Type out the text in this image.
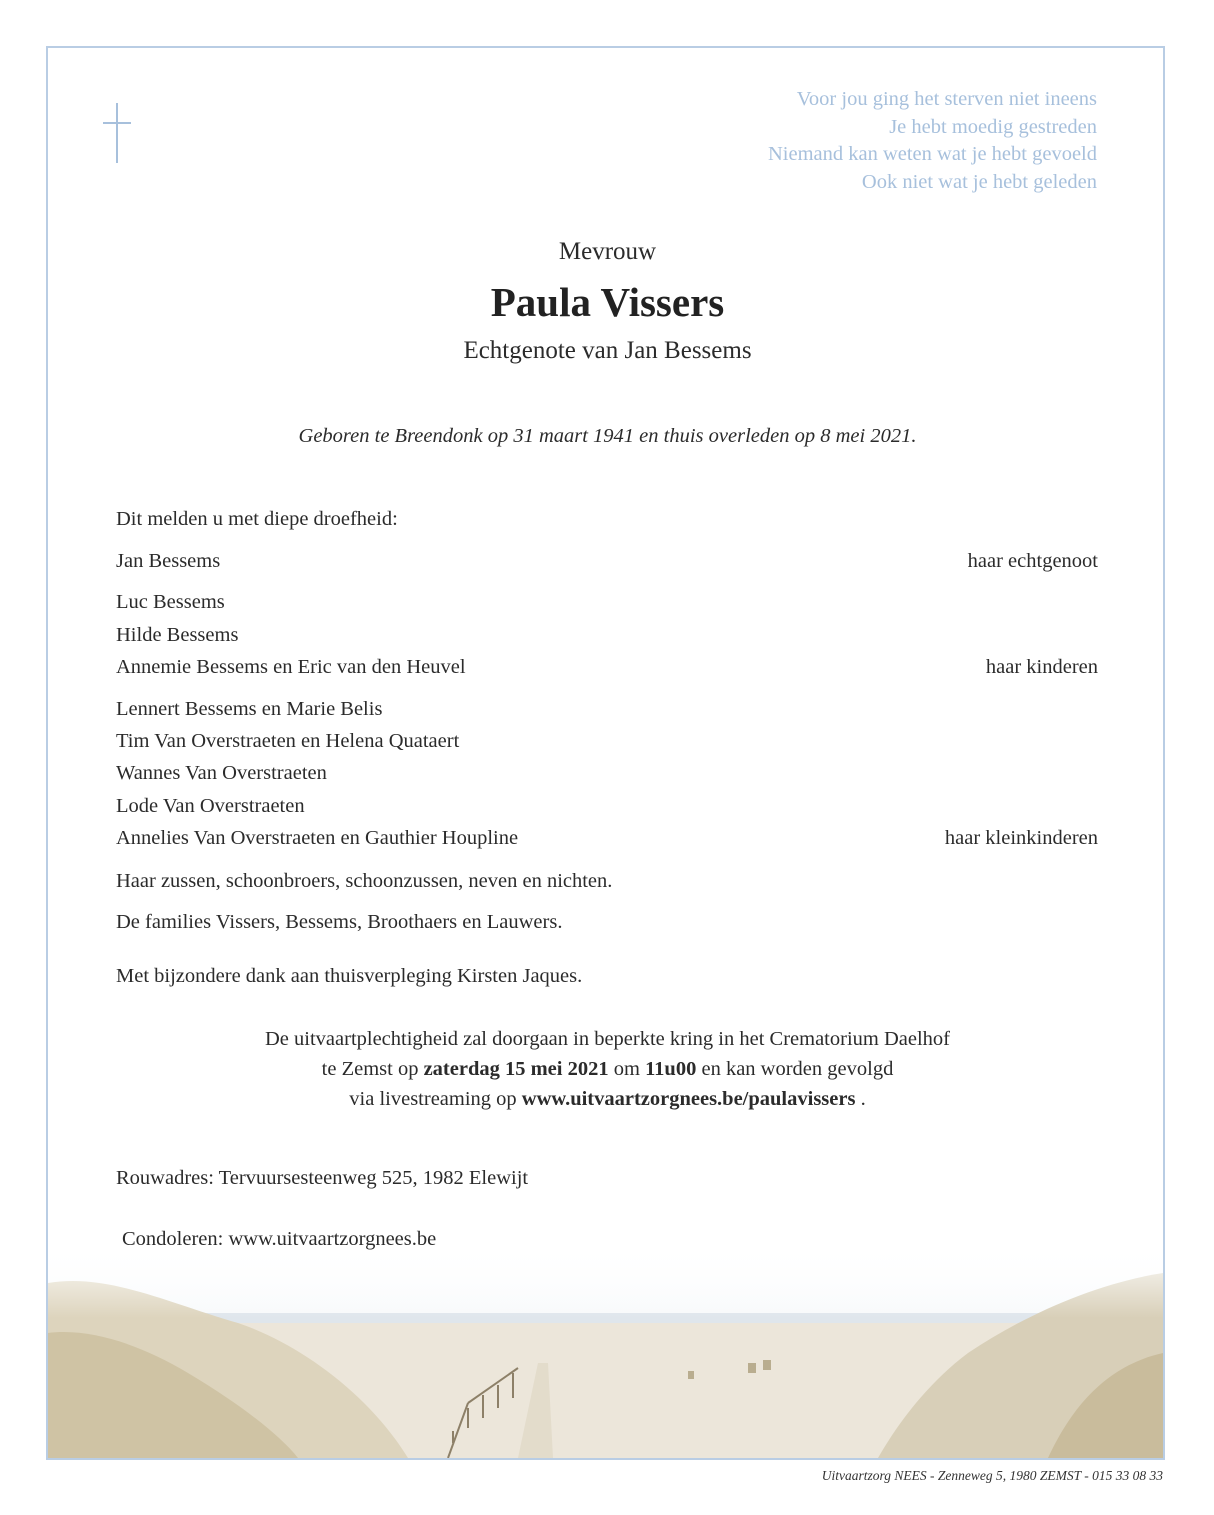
Voor jou ging het sterven niet ineens
Je hebt moedig gestreden
Niemand kan weten wat je hebt gevoeld
Ook niet wat je hebt geleden
Mevrouw
Paula Vissers
Echtgenote van Jan Bessems
Geboren te Breendonk op 31 maart 1941 en thuis overleden op 8 mei 2021.
Dit melden u met diepe droefheid:
Jan Bessems	haar echtgenoot
Luc Bessems
Hilde Bessems
Annemie Bessems en Eric van den Heuvel	haar kinderen
Lennert Bessems en Marie Belis
Tim Van Overstraeten en Helena Quataert
Wannes Van Overstraeten
Lode Van Overstraeten
Annelies Van Overstraeten en Gauthier Houpline	haar kleinkinderen
Haar zussen, schoonbroers, schoonzussen, neven en nichten.
De families Vissers, Bessems, Broothaers en Lauwers.
Met bijzondere dank aan thuisverpleging Kirsten Jaques.
De uitvaartplechtigheid zal doorgaan in beperkte kring in het Crematorium Daelhof
te Zemst op zaterdag 15 mei 2021 om 11u00 en kan worden gevolgd
via livestreaming op www.uitvaartzorgnees.be/paulavissers .
Rouwadres: Tervuursesteenweg 525, 1982 Elewijt
Condoleren: www.uitvaartzorgnees.be
Uitvaartzorg NEES - Zenneweg 5, 1980 ZEMST - 015 33 08 33
